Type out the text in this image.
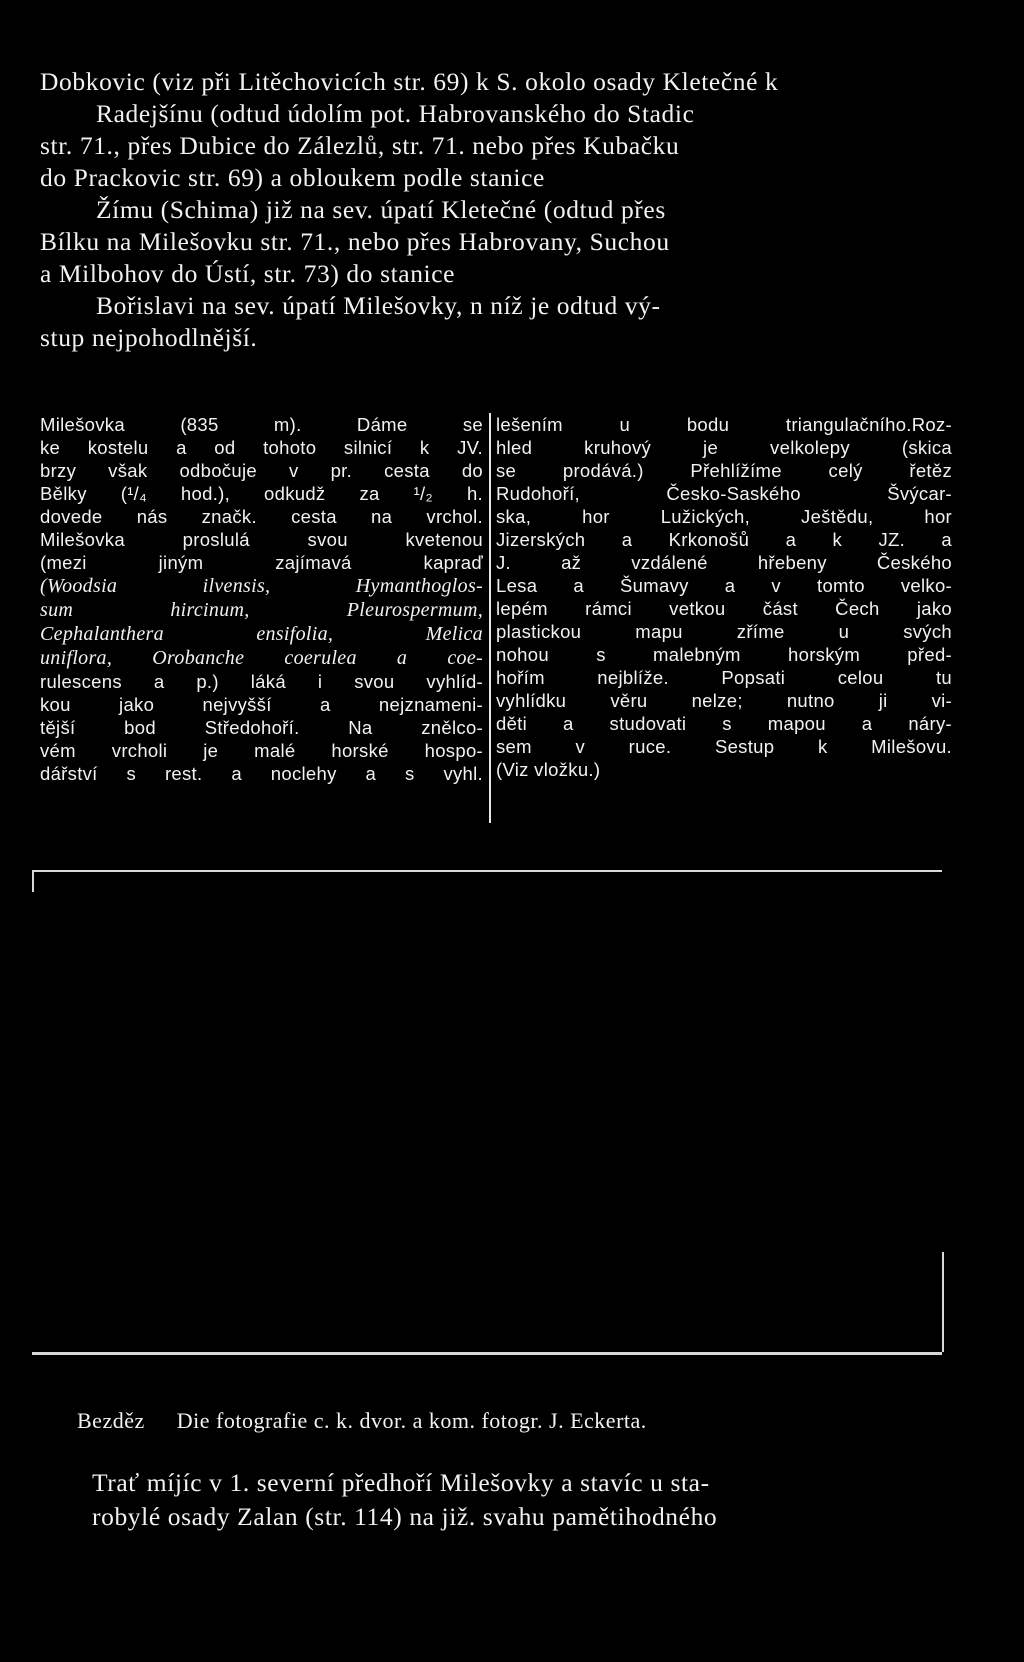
Dobkovic (viz při Litěchovicích str. 69) k S. okolo osady Kletečné k
Radejšínu (odtud údolím pot. Habrovanského do Stadic
str. 71., přes Dubice do Zálezlů, str. 71. nebo přes Kubačku
do Prackovic str. 69) a obloukem podle stanice
Žímu (Schima) již na sev. úpatí Kletečné (odtud přes
Bílku na Milešovku str. 71., nebo přes Habrovany, Suchou
a Milbohov do Ústí, str. 73) do stanice
Bořislavi na sev. úpatí Milešovky, n níž je odtud vý-
stup nejpohodlnější.
Milešovka (835 m). Dáme se
ke kostelu a od tohoto silnicí k JV.
brzy však odbočuje v pr. cesta do
Bělky (¹/₄ hod.), odkudž za ¹/₂ h.
dovede nás značk. cesta na vrchol.
Milešovka proslulá svou kvetenou
(mezi jiným zajímavá kapraď
(Woodsia ilvensis, Hymanthoglos-
sum hircinum, Pleurospermum,
Cephalanthera ensifolia, Melica
uniflora, Orobanche coerulea a coe-
rulescens a p.) láká i svou vyhlíd-
kou jako nejvyšší a nejznameni-
tější bod Středohoří. Na znělco-
vém vrcholi je malé horské hospo-
dářství s rest. a noclehy a s vyhl.
lešením u bodu triangulačního.Roz-
hled kruhový je velkolepy (skica
se prodává.) Přehlížíme celý řetěz
Rudohoří, Česko-Saského Švýcar-
ska, hor Lužických, Ještědu, hor
Jizerských a Krkonošů a k JZ. a
J. až vzdálené hřebeny Českého
Lesa a Šumavy a v tomto velko-
lepém rámci vetkou část Čech jako
plastickou mapu zříme u svých
nohou s malebným horským před-
hořím nejblíže. Popsati celou tu
vyhlídku věru nelze; nutno ji vi-
děti a studovati s mapou a náry-
sem v ruce. Sestup k Milešovu.
(Viz vložku.)
Bezděz Die fotografie c. k. dvor. a kom. fotogr. J. Eckerta.
Trať míjíc v 1. severní předhoří Milešovky a stavíc u sta-
robylé osady Zalan (str. 114) na již. svahu pamětihodného
